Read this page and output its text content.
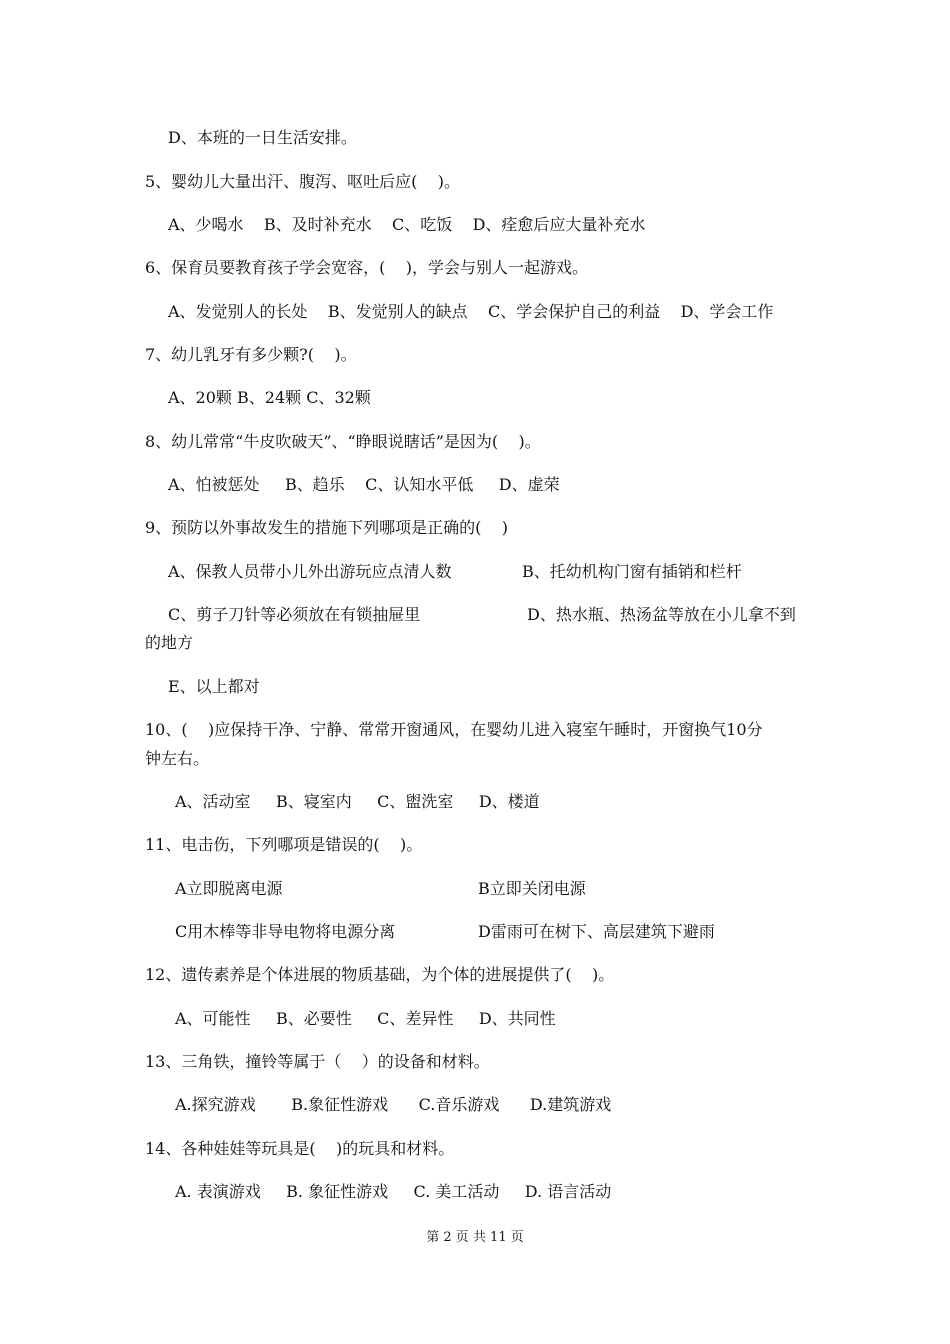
D、本班的一日生活安排。
5、婴幼儿大量出汗、腹泻、呕吐后应(    )。
A、少喝水    B、及时补充水    C、吃饭    D、痊愈后应大量补充水
6、保育员要教育孩子学会宽容，(    )，学会与别人一起游戏。
A、发觉别人的长处    B、发觉别人的缺点    C、学会保护自己的利益    D、学会工作
7、幼儿乳牙有多少颗?(    )。
A、20颗 B、24颗 C、32颗
8、幼儿常常“牛皮吹破天”、“睁眼说瞎话”是因为(    )。
A、怕被惩处     B、趋乐    C、认知水平低     D、虚荣
9、预防以外事故发生的措施下列哪项是正确的(    )
A、保教人员带小儿外出游玩应点清人数	B、托幼机构门窗有插销和栏杆
C、剪子刀针等必须放在有锁抽屉里	D、热水瓶、热汤盆等放在小儿拿不到
的地方
E、以上都对
10、(    )应保持干净、宁静、常常开窗通风，在婴幼儿进入寝室午睡时，开窗换气10分
钟左右。
A、活动室     B、寝室内     C、盥洗室     D、楼道
11、电击伤，下列哪项是错误的(    )。
A立即脱离电源	B立即关闭电源
C用木棒等非导电物将电源分离	D雷雨可在树下、高层建筑下避雨
12、遗传素养是个体进展的物质基础，为个体的进展提供了(    )。
A、可能性     B、必要性     C、差异性     D、共同性
13、三角铁，撞铃等属于（    ）的设备和材料。
A.探究游戏       B.象征性游戏      C.音乐游戏      D.建筑游戏
14、各种娃娃等玩具是(    )的玩具和材料。
A. 表演游戏     B. 象征性游戏     C. 美工活动     D. 语言活动
第 2 页 共 11 页
